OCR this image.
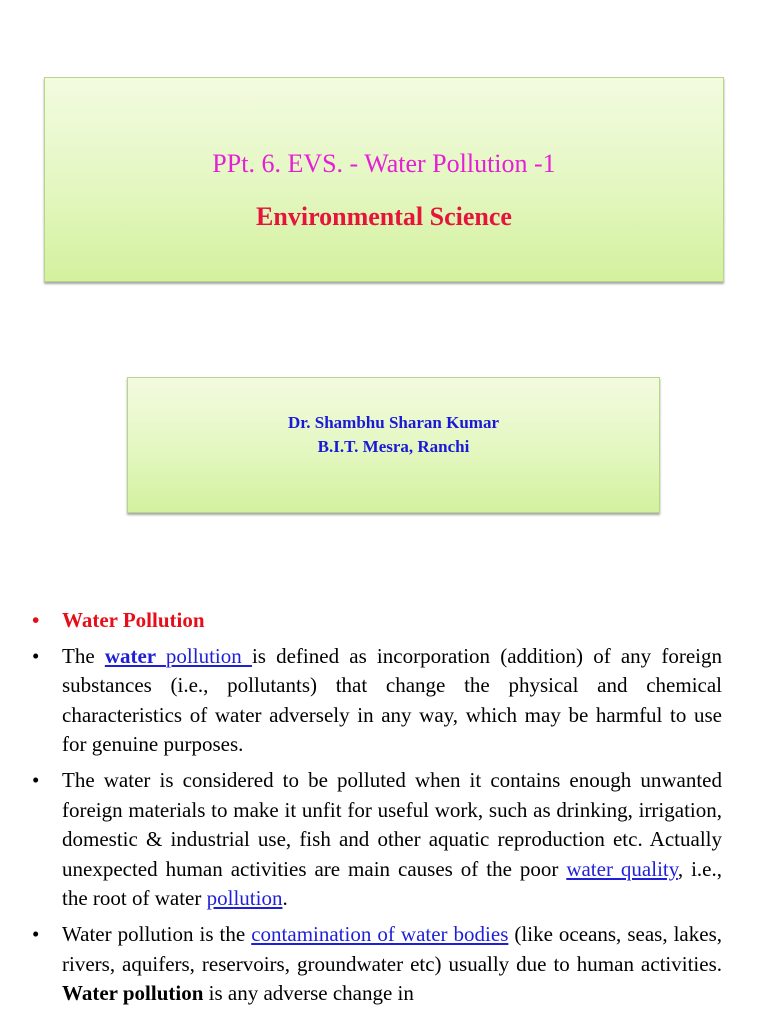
PPt. 6. EVS. - Water Pollution -1
Environmental Science
Dr. Shambhu Sharan Kumar
B.I.T. Mesra, Ranchi
• Water Pollution
• The water pollution is defined as incorporation (addition) of any foreign substances (i.e., pollutants) that change the physical and chemical characteristics of water adversely in any way, which may be harmful to use for genuine purposes.
• The water is considered to be polluted when it contains enough unwanted foreign materials to make it unfit for useful work, such as drinking, irrigation, domestic & industrial use, fish and other aquatic reproduction etc. Actually unexpected human activities are main causes of the poor water quality, i.e., the root of water pollution.
• Water pollution is the contamination of water bodies (like oceans, seas, lakes, rivers, aquifers, reservoirs, groundwater etc) usually due to human activities. Water pollution is any adverse change in
